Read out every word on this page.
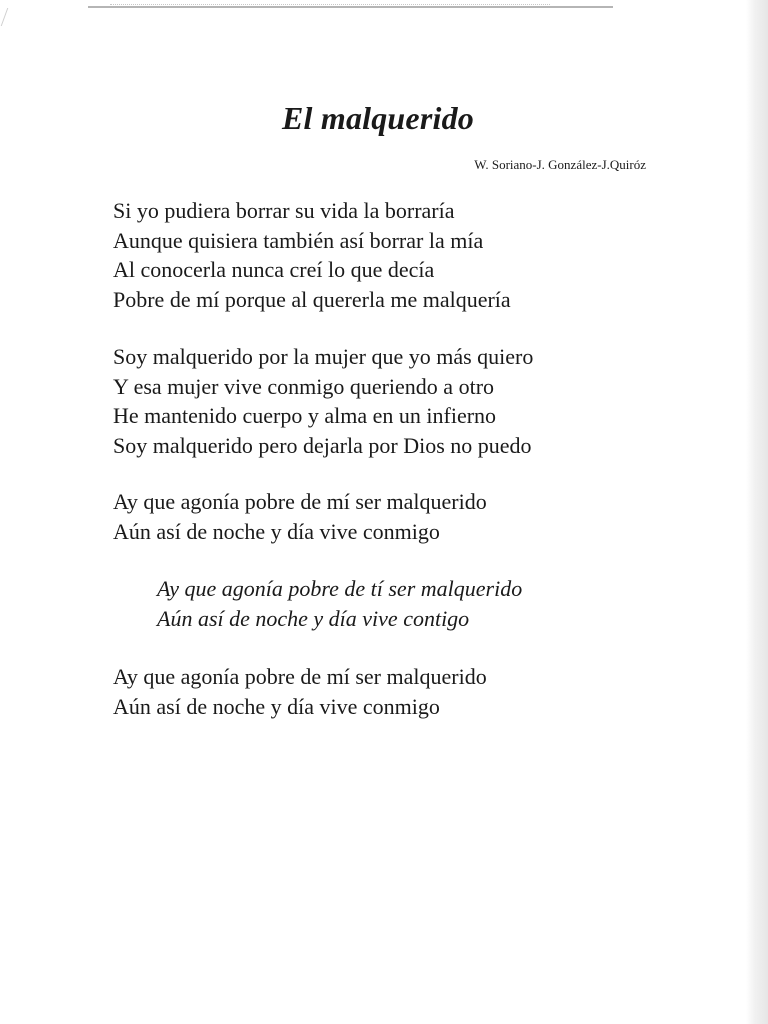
El malquerido
W. Soriano-J. González-J.Quiróz
Si yo pudiera borrar su vida la borraría
Aunque quisiera también así borrar la mía
Al conocerla nunca creí lo que decía
Pobre de mí porque al quererla me malquería
Soy malquerido por la mujer que yo más quiero
Y esa mujer vive conmigo queriendo a otro
He mantenido cuerpo y alma en un infierno
Soy malquerido pero dejarla por Dios no puedo
Ay que agonía pobre de mí ser malquerido
Aún así de noche y día vive conmigo
Ay que agonía pobre de tí ser malquerido
Aún así de noche y día vive contigo
Ay que agonía pobre de mí ser malquerido
Aún así de noche y día vive conmigo
